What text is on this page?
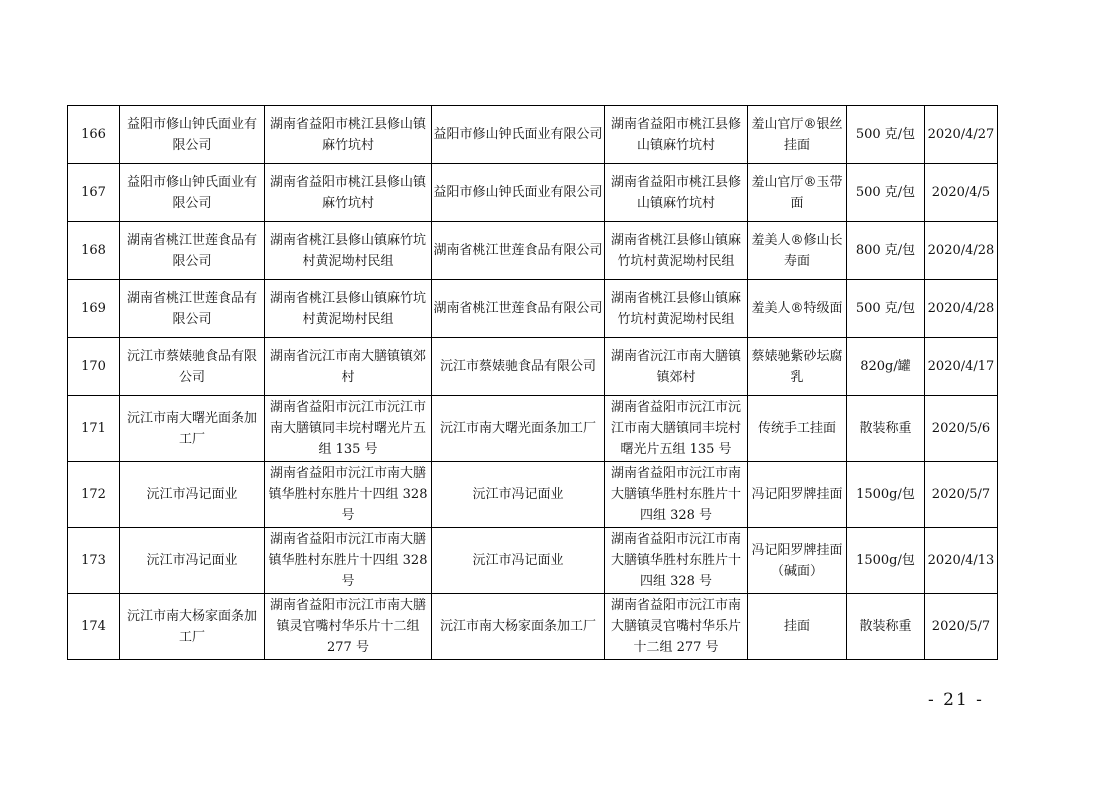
166	益阳市修山钟氏面业有限公司	湖南省益阳市桃江县修山镇麻竹坑村	益阳市修山钟氏面业有限公司	湖南省益阳市桃江县修山镇麻竹坑村	羞山官厅®银丝挂面	500 克/包	2020/4/27
167	益阳市修山钟氏面业有限公司	湖南省益阳市桃江县修山镇麻竹坑村	益阳市修山钟氏面业有限公司	湖南省益阳市桃江县修山镇麻竹坑村	羞山官厅®玉带面	500 克/包	2020/4/5
168	湖南省桃江世莲食品有限公司	湖南省桃江县修山镇麻竹坑村黄泥坳村民组	湖南省桃江世莲食品有限公司	湖南省桃江县修山镇麻竹坑村黄泥坳村民组	羞美人®修山长寿面	800 克/包	2020/4/28
169	湖南省桃江世莲食品有限公司	湖南省桃江县修山镇麻竹坑村黄泥坳村民组	湖南省桃江世莲食品有限公司	湖南省桃江县修山镇麻竹坑村黄泥坳村民组	羞美人®特级面	500 克/包	2020/4/28
170	沅江市蔡婊驰食品有限公司	湖南省沅江市南大膳镇镇郊村	沅江市蔡婊驰食品有限公司	湖南省沅江市南大膳镇镇郊村	蔡婊驰紫砂坛腐乳	820g/罐	2020/4/17
171	沅江市南大曙光面条加工厂	湖南省益阳市沅江市沅江市南大膳镇同丰垸村曙光片五组 135 号	沅江市南大曙光面条加工厂	湖南省益阳市沅江市沅江市南大膳镇同丰垸村曙光片五组 135 号	传统手工挂面	散装称重	2020/5/6
172	沅江市冯记面业	湖南省益阳市沅江市南大膳镇华胜村东胜片十四组 328 号	沅江市冯记面业	湖南省益阳市沅江市南大膳镇华胜村东胜片十四组 328 号	冯记阳罗牌挂面	1500g/包	2020/5/7
173	沅江市冯记面业	湖南省益阳市沅江市南大膳镇华胜村东胜片十四组 328 号	沅江市冯记面业	湖南省益阳市沅江市南大膳镇华胜村东胜片十四组 328 号	冯记阳罗牌挂面（碱面）	1500g/包	2020/4/13
174	沅江市南大杨家面条加工厂	湖南省益阳市沅江市南大膳镇灵官嘴村华乐片十二组 277 号	沅江市南大杨家面条加工厂	湖南省益阳市沅江市南大膳镇灵官嘴村华乐片十二组 277 号	挂面	散装称重	2020/5/7
- 21 -
